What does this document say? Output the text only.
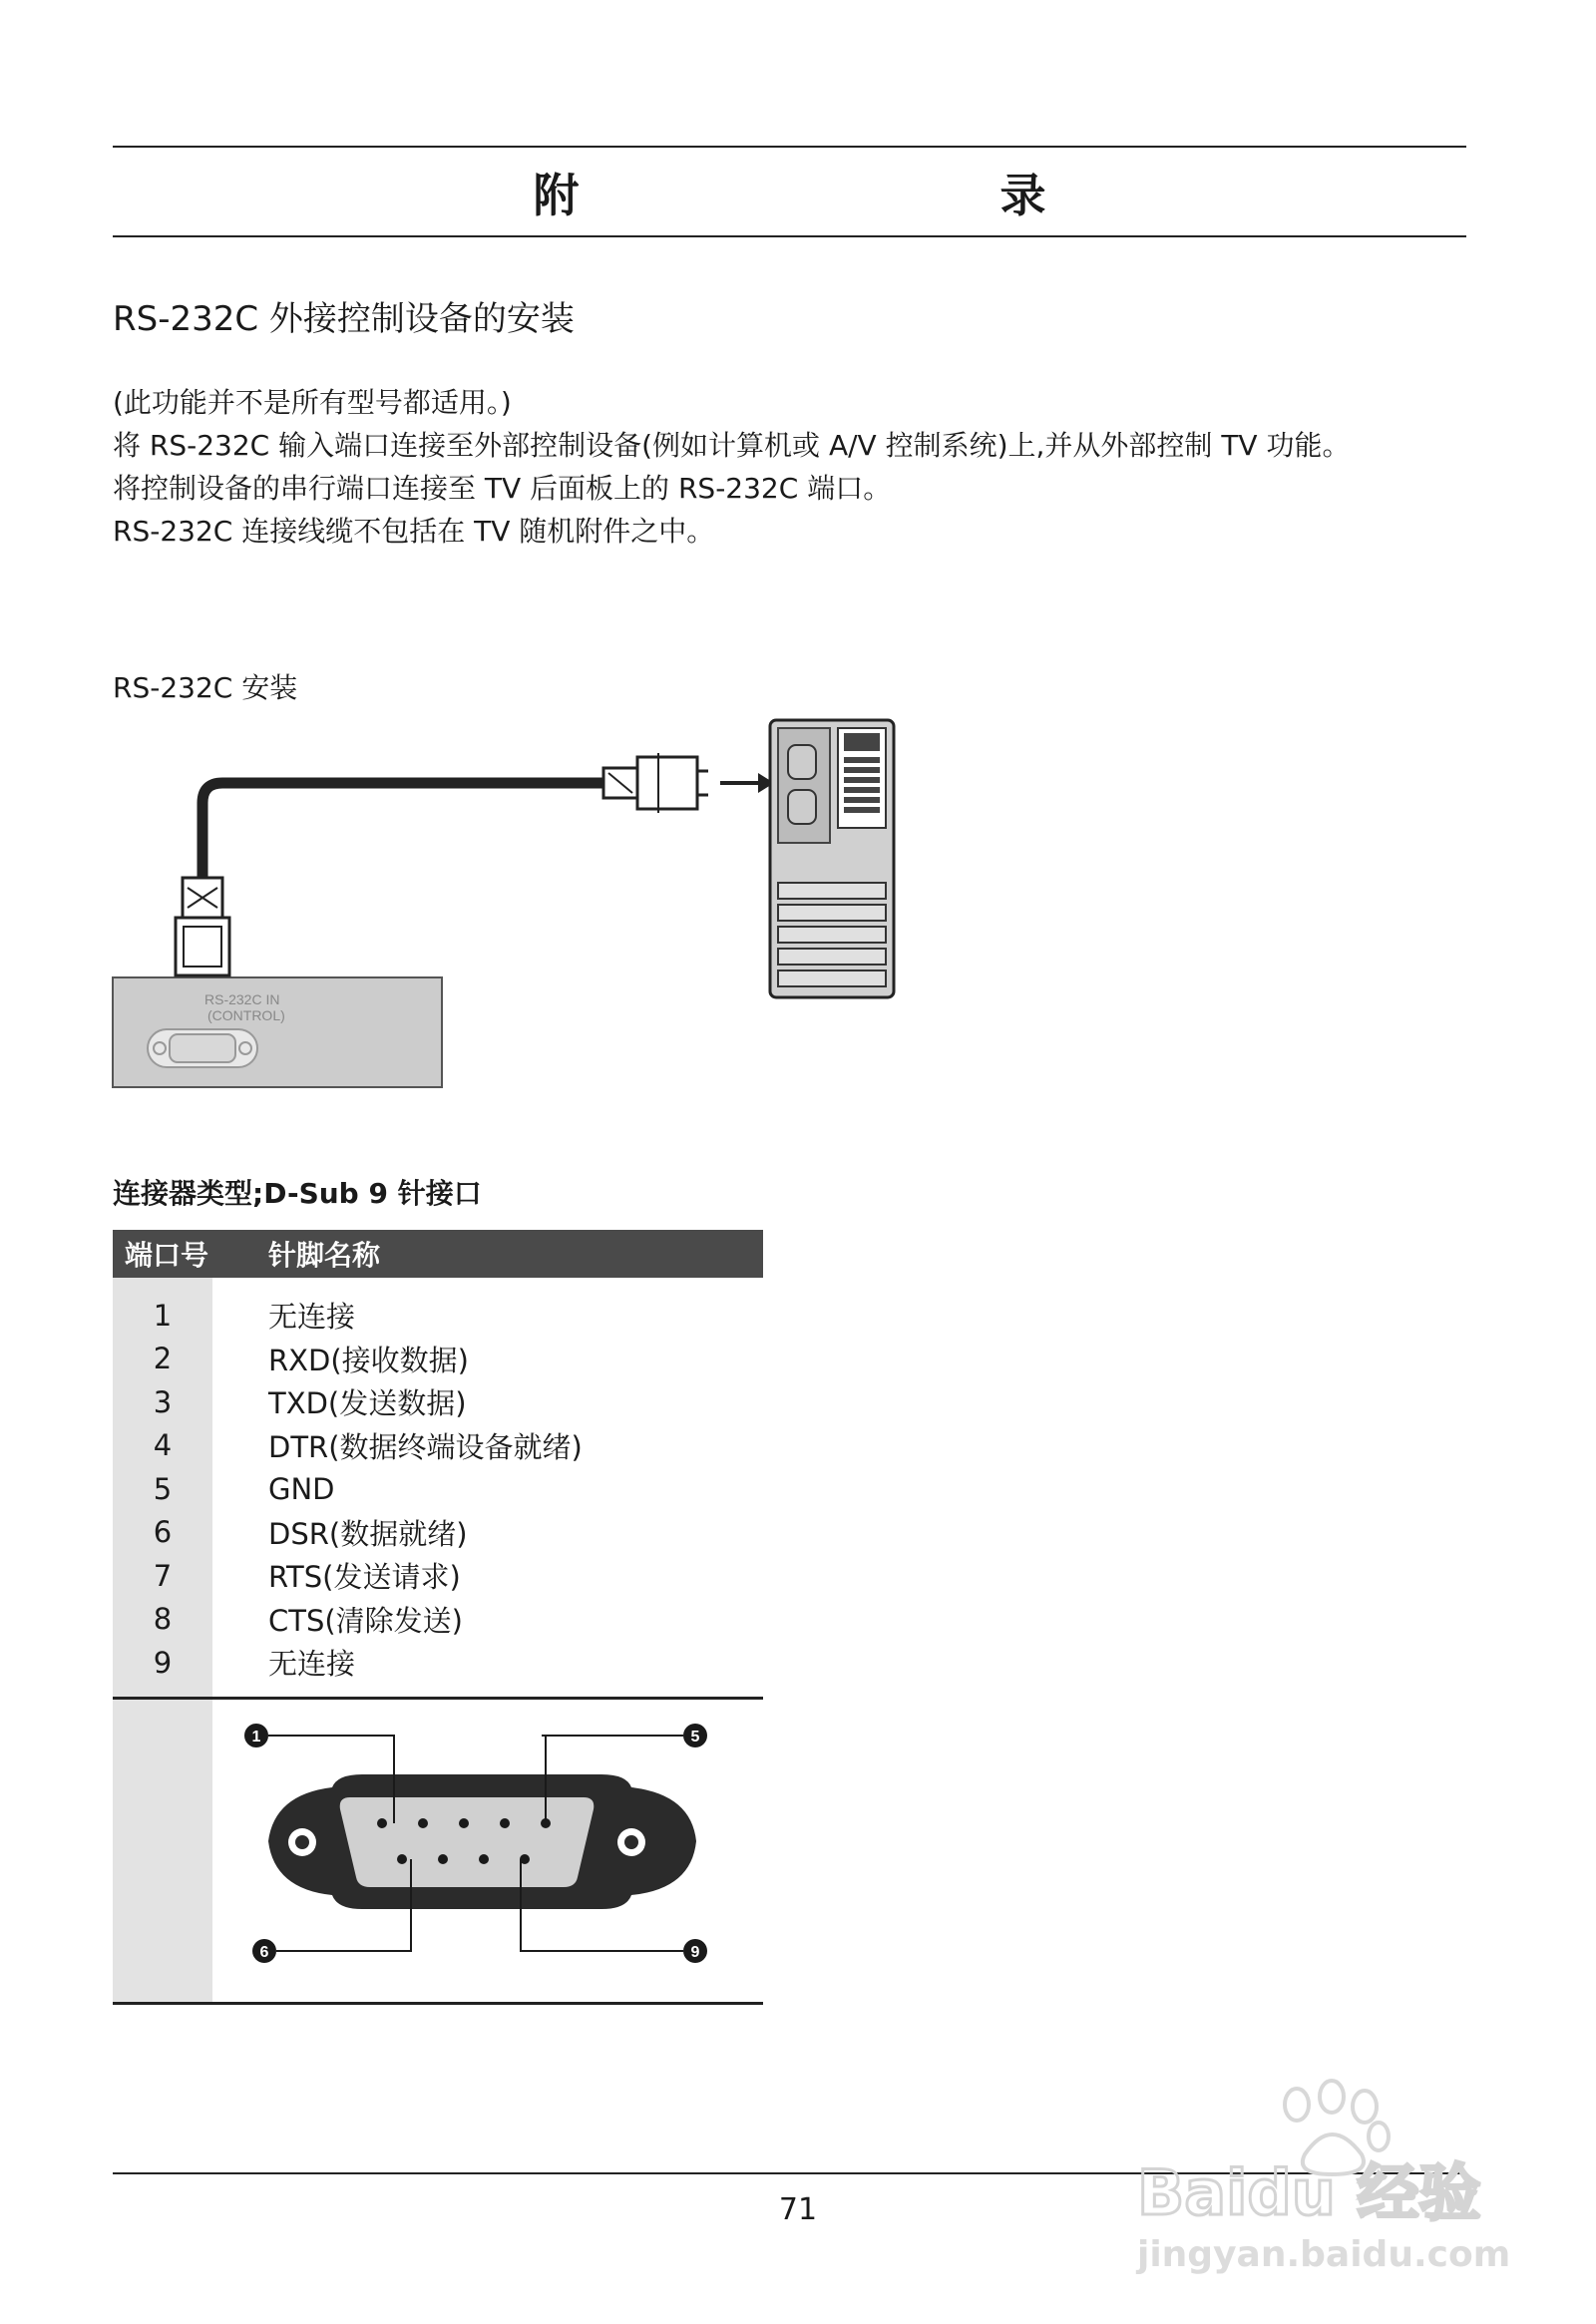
附　　录
RS-232C 外接控制设备的安装

(此功能并不是所有型号都适用。)

将 RS-232C 输入端口连接至外部控制设备(例如计算机或 A/V 控制系统)上,并从外部控制 TV 功能。

将控制设备的串行端口连接至 TV 后面板上的 RS-232C 端口。

RS-232C 连接线缆不包括在 TV 随机附件之中。

RS-232C 安装
RS-232C IN
(CONTROL)
连接器类型;D-Sub 9 针接口
端口号	针脚名称
1	无连接
2	RXD(接收数据)
3	TXD(发送数据)
4	DTR(数据终端设备就绪)
5	GND
6	DSR(数据就绪)
7	RTS(发送请求)
8	CTS(清除发送)
9	无连接

1 5
6 9
71	Baidu 经验
jingyan.baidu.com
